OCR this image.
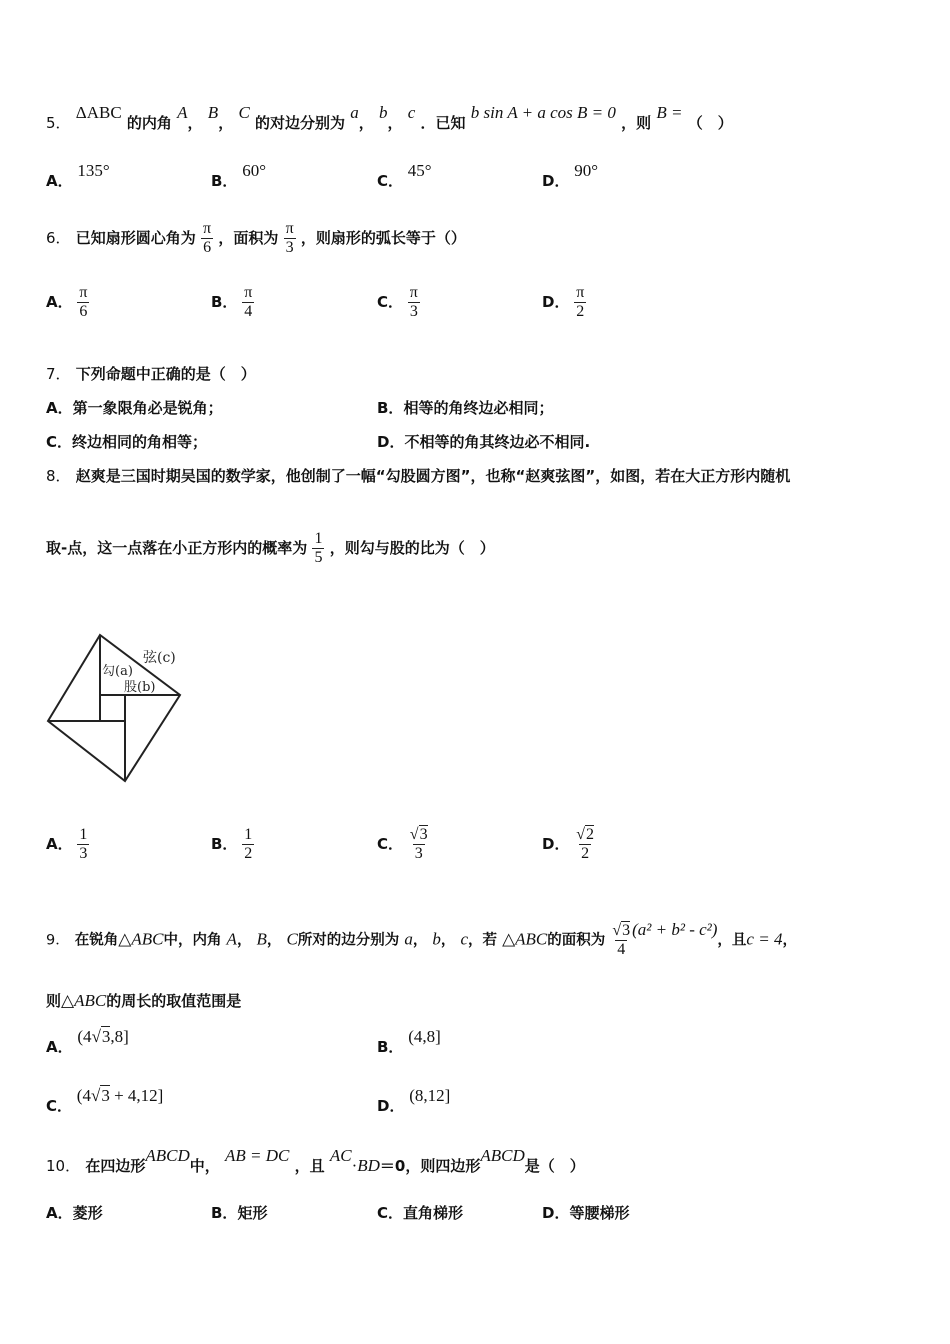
5． ΔABC 的内角 A， B， C 的对边分别为 a， b， c ．已知 b sin A + a cos B = 0 ，则 B = （　）
A． 135°
B． 60°
C． 45°
D． 90°
6． 已知扇形圆心角为 $\frac{\pi}{6}$ ，面积为 $\frac{\pi}{3}$ ，则扇形的弧长等于（）
A． $\frac{\pi}{6}$	B． $\frac{\pi}{4}$	C． $\frac{\pi}{3}$	D． $\frac{\pi}{2}$
7． 下列命题中正确的是（　）
A．第一象限角必是锐角；	B．相等的角终边必相同；
C．终边相同的角相等；	D．不相等的角其终边必不相同.
8． 赵爽是三国时期吴国的数学家，他创制了一幅“勾股圆方图”，也称“赵爽弦图”，如图，若在大正方形内随机
取-点，这一点落在小正方形内的概率为 $\frac{1}{5}$ ，则勾与股的比为（　）
弦(c)
勾(a)
股(b)
A． $\frac{1}{3}$	B． $\frac{1}{2}$	C． $\frac{√3}{3}$	D． $\frac{√2}{2}$
9． 在锐角△ABC中，内角 A， B， C所对的边分别为 a， b， c，若 △ABC的面积为 $\frac{√3}{4} (a^2 + b^2 - c^2)$，且c = 4，
则△ABC的周长的取值范围是
A． (4√3,8]
B． (4,8]
C． (4√3 + 4,12]
D． (8,12]
10． 在四边形ABCD中， AB = DC ，且 AC·BD＝0，则四边形ABCD是（　）
A．菱形	B．矩形	C．直角梯形	D．等腰梯形
